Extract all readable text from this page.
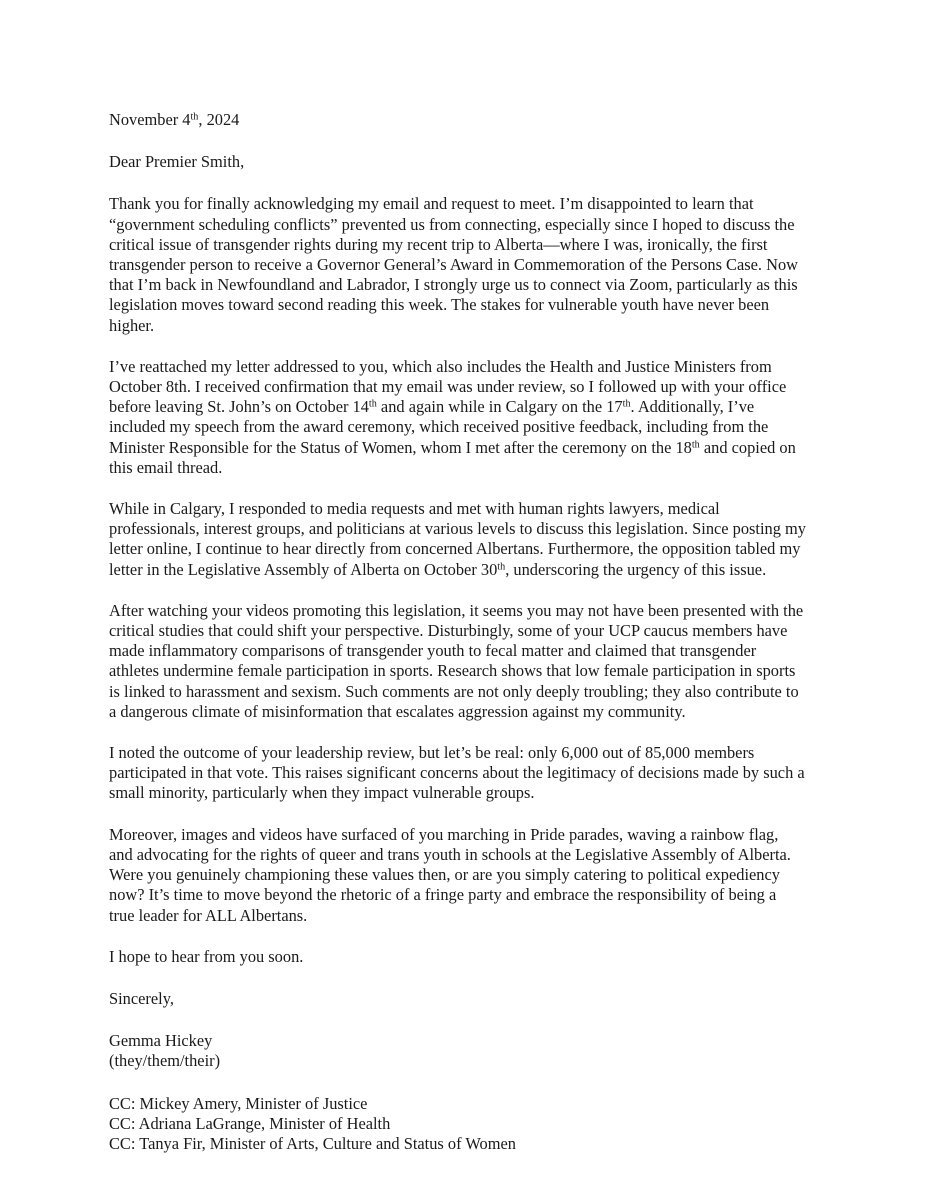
November 4th, 2024
Dear Premier Smith,
Thank you for finally acknowledging my email and request to meet. I’m disappointed to learn that
“government scheduling conflicts” prevented us from connecting, especially since I hoped to discuss the
critical issue of transgender rights during my recent trip to Alberta—where I was, ironically, the first
transgender person to receive a Governor General’s Award in Commemoration of the Persons Case. Now
that I’m back in Newfoundland and Labrador, I strongly urge us to connect via Zoom, particularly as this
legislation moves toward second reading this week. The stakes for vulnerable youth have never been
higher.
I’ve reattached my letter addressed to you, which also includes the Health and Justice Ministers from
October 8th. I received confirmation that my email was under review, so I followed up with your office
before leaving St. John’s on October 14th and again while in Calgary on the 17th. Additionally, I’ve
included my speech from the award ceremony, which received positive feedback, including from the
Minister Responsible for the Status of Women, whom I met after the ceremony on the 18th and copied on
this email thread.
While in Calgary, I responded to media requests and met with human rights lawyers, medical
professionals, interest groups, and politicians at various levels to discuss this legislation. Since posting my
letter online, I continue to hear directly from concerned Albertans. Furthermore, the opposition tabled my
letter in the Legislative Assembly of Alberta on October 30th, underscoring the urgency of this issue.
After watching your videos promoting this legislation, it seems you may not have been presented with the
critical studies that could shift your perspective. Disturbingly, some of your UCP caucus members have
made inflammatory comparisons of transgender youth to fecal matter and claimed that transgender
athletes undermine female participation in sports. Research shows that low female participation in sports
is linked to harassment and sexism. Such comments are not only deeply troubling; they also contribute to
a dangerous climate of misinformation that escalates aggression against my community.
I noted the outcome of your leadership review, but let’s be real: only 6,000 out of 85,000 members
participated in that vote. This raises significant concerns about the legitimacy of decisions made by such a
small minority, particularly when they impact vulnerable groups.
Moreover, images and videos have surfaced of you marching in Pride parades, waving a rainbow flag,
and advocating for the rights of queer and trans youth in schools at the Legislative Assembly of Alberta.
Were you genuinely championing these values then, or are you simply catering to political expediency
now? It’s time to move beyond the rhetoric of a fringe party and embrace the responsibility of being a
true leader for ALL Albertans.
I hope to hear from you soon.
Sincerely,
Gemma Hickey
(they/them/their)
CC: Mickey Amery, Minister of Justice
CC: Adriana LaGrange, Minister of Health
CC: Tanya Fir, Minister of Arts, Culture and Status of Women
